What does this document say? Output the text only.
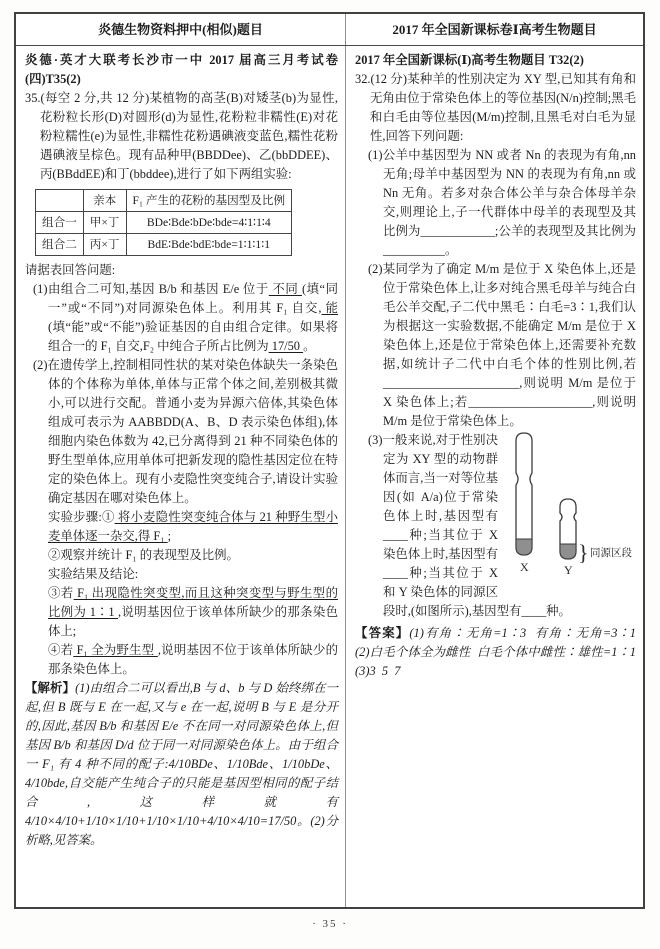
炎德生物资料押中(相似)题目	2017 年全国新课标卷Ⅰ高考生物题目
炎德·英才大联考长沙市一中 2017 届高三月考试卷(四)T35(2)
35.(每空 2 分,共 12 分)某植物的高茎(B)对矮茎(b)为显性,花粉粒长形(D)对圆形(d)为显性,花粉粒非糯性(E)对花粉粒糯性(e)为显性,非糯性花粉遇碘液变蓝色,糯性花粉遇碘液呈棕色。现有品种甲(BBDDee)、乙(bbDDEE)、丙(BBddEE)和丁(bbddee),进行了如下两组实验:
	亲本	F₁ 产生的花粉的基因型及比例
组合一	甲×丁	BDe∶Bde∶bDe∶bde=4∶1∶1∶4
组合二	丙×丁	BdE∶Bde∶bdE∶bde=1∶1∶1∶1
请据表回答问题:
(1)由组合二可知,基因 B/b 和基因 E/e 位于 不同 (填“同一”或“不同”)对同源染色体上。利用其 F₁ 自交, 能 (填“能”或“不能”)验证基因的自由组合定律。如果将组合一的 F₁ 自交,F₂ 中纯合子所占比例为 17/50 。
(2)在遗传学上,控制相同性状的某对染色体缺失一条染色体的个体称为单体,单体与正常个体之间,差别极其微小,可以进行交配。普通小麦为异源六倍体,其染色体组成可表示为 AABBDD(A、B、D 表示染色体组),体细胞内染色体数为 42,已分离得到 21 种不同染色体的野生型单体,应用单体可把新发现的隐性基因定位在特定的染色体上。现有小麦隐性突变纯合子,请设计实验确定基因在哪对染色体上。
实验步骤:① 将小麦隐性突变纯合体与 21 种野生型小麦单体逐一杂交,得 F₁ ;
②观察并统计 F₁ 的表现型及比例。
实验结果及结论:
③若 F₁ 出现隐性突变型,而且这种突变型与野生型的比例为 1∶1 ,说明基因位于该单体所缺少的那条染色体上;
④若 F₁ 全为野生型 ,说明基因不位于该单体所缺少的那条染色体上。
【解析】(1)由组合二可以看出,B 与 d、b 与 D 始终绑在一起,但 B 既与 E 在一起,又与 e 在一起,说明 B 与 E 是分开的,因此,基因 B/b 和基因 E/e 不在同一对同源染色体上,但基因 B/b 和基因 D/d 位于同一对同源染色体上。由于组合一 F₁ 有 4 种不同的配子:4/10BDe、1/10Bde、1/10bDe、4/10bde,自交能产生纯合子的只能是基因型相同的配子结合,这样就有 4/10×4/10+1/10×1/10+1/10×1/10+4/10×4/10=17/50。(2)分析略,见答案。
2017 年全国新课标(Ⅰ)高考生物题目 T32(2)
32.(12 分)某种羊的性别决定为 XY 型,已知其有角和无角由位于常染色体上的等位基因(N/n)控制;黑毛和白毛由等位基因(M/m)控制,且黑毛对白毛为显性,回答下列问题:
(1)公羊中基因型为 NN 或者 Nn 的表现为有角,nn 无角;母羊中基因型为 NN 的表现为有角,nn 或 Nn 无角。若多对杂合体公羊与杂合体母羊杂交,则理论上,子一代群体中母羊的表现型及其比例为____________;公羊的表现型及其比例为__________。
(2)某同学为了确定 M/m 是位于 X 染色体上,还是位于常染色体上,让多对纯合黑毛母羊与纯合白毛公羊交配,子二代中黑毛∶白毛=3∶1,我们认为根据这一实验数据,不能确定 M/m 是位于 X 染色体上,还是位于常染色体上,还需要补充数据,如统计子二代中白毛个体的性别比例,若______________________,则说明 M/m 是位于 X 染色体上;若____________________,则说明 M/m 是位于常染色体上。
X	Y
} 同源区段
(3)一般来说,对于性别决定为 XY 型的动物群体而言,当一对等位基因(如 A/a)位于常染色体上时,基因型有____种;当其位于 X 染色体上时,基因型有____种;当其位于 X 和 Y 染色体的同源区段时,(如图所示),基因型有____种。
【答案】(1)有角∶无角=1∶3  有角∶无角=3∶1  (2)白毛个体全为雌性  白毛个体中雌性∶雄性=1∶1  (3)3  5  7
· 35 ·
